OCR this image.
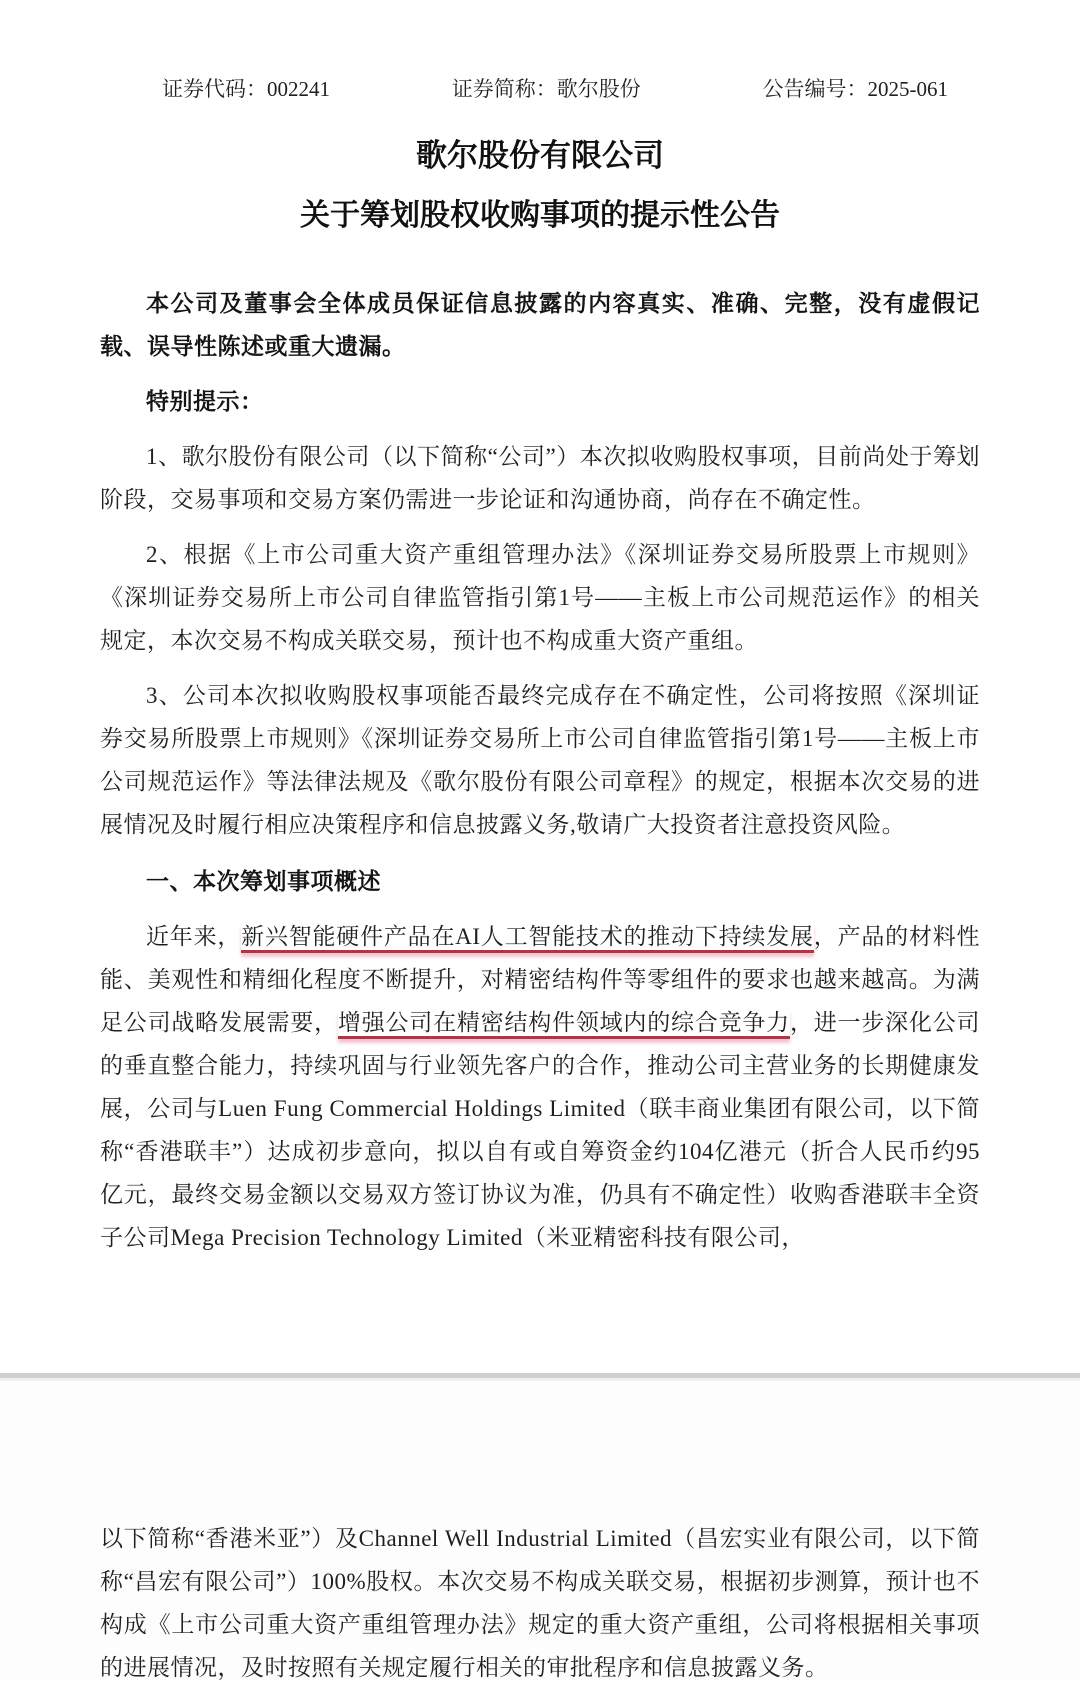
证券代码：002241	证券简称：歌尔股份	公告编号：2025-061
歌尔股份有限公司
关于筹划股权收购事项的提示性公告

本公司及董事会全体成员保证信息披露的内容真实、准确、完整，没有虚假记载、误导性陈述或重大遗漏。

特别提示：

1、歌尔股份有限公司（以下简称“公司”）本次拟收购股权事项，目前尚处于筹划阶段，交易事项和交易方案仍需进一步论证和沟通协商，尚存在不确定性。

2、根据《上市公司重大资产重组管理办法》《深圳证券交易所股票上市规则》《深圳证券交易所上市公司自律监管指引第1号——主板上市公司规范运作》的相关规定，本次交易不构成关联交易，预计也不构成重大资产重组。

3、公司本次拟收购股权事项能否最终完成存在不确定性，公司将按照《深圳证券交易所股票上市规则》《深圳证券交易所上市公司自律监管指引第1号——主板上市公司规范运作》等法律法规及《歌尔股份有限公司章程》的规定，根据本次交易的进展情况及时履行相应决策程序和信息披露义务,敬请广大投资者注意投资风险。

一、本次筹划事项概述

近年来，新兴智能硬件产品在AI人工智能技术的推动下持续发展，产品的材料性能、美观性和精细化程度不断提升，对精密结构件等零组件的要求也越来越高。为满足公司战略发展需要，增强公司在精密结构件领域内的综合竞争力，进一步深化公司的垂直整合能力，持续巩固与行业领先客户的合作，推动公司主营业务的长期健康发展，公司与Luen Fung Commercial Holdings Limited（联丰商业集团有限公司，以下简称“香港联丰”）达成初步意向，拟以自有或自筹资金约104亿港元（折合人民币约95亿元，最终交易金额以交易双方签订协议为准，仍具有不确定性）收购香港联丰全资子公司Mega Precision Technology Limited（米亚精密科技有限公司，

以下简称“香港米亚”）及Channel Well Industrial Limited（昌宏实业有限公司，以下简称“昌宏有限公司”）100%股权。本次交易不构成关联交易，根据初步测算，预计也不构成《上市公司重大资产重组管理办法》规定的重大资产重组，公司将根据相关事项的进展情况，及时按照有关规定履行相关的审批程序和信息披露义务。
